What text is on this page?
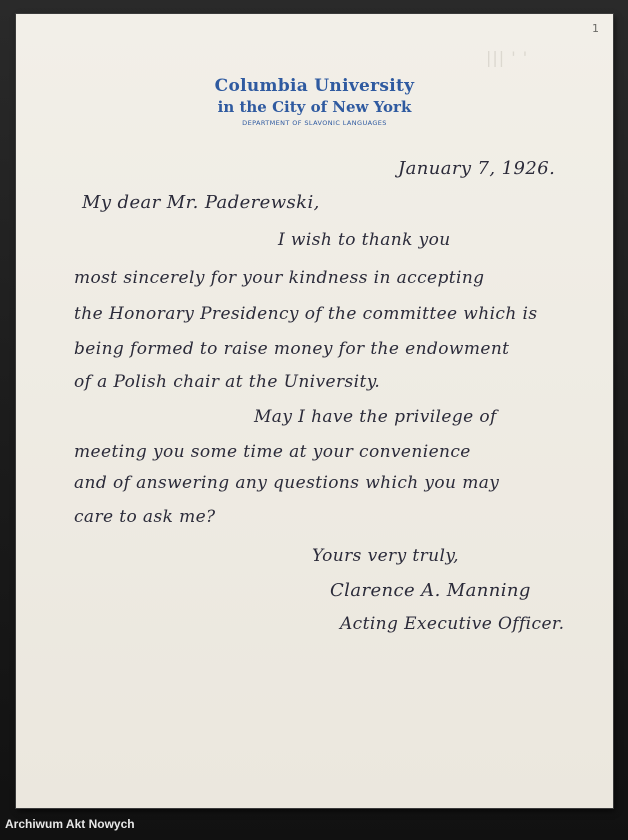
1
||| ' '
Columbia University
in the City of New York
DEPARTMENT OF SLAVONIC LANGUAGES
January 7, 1926.
My dear Mr. Paderewski,
I wish to thank you
most sincerely for your kindness in accepting
the Honorary Presidency of the committee which is
being formed to raise money for the endowment
of a Polish chair at the University.
May I have the privilege of
meeting you some time at your convenience
and of answering any questions which you may
care to ask me?
Yours very truly,
Clarence A. Manning
Acting Executive Officer.
Archiwum Akt Nowych
